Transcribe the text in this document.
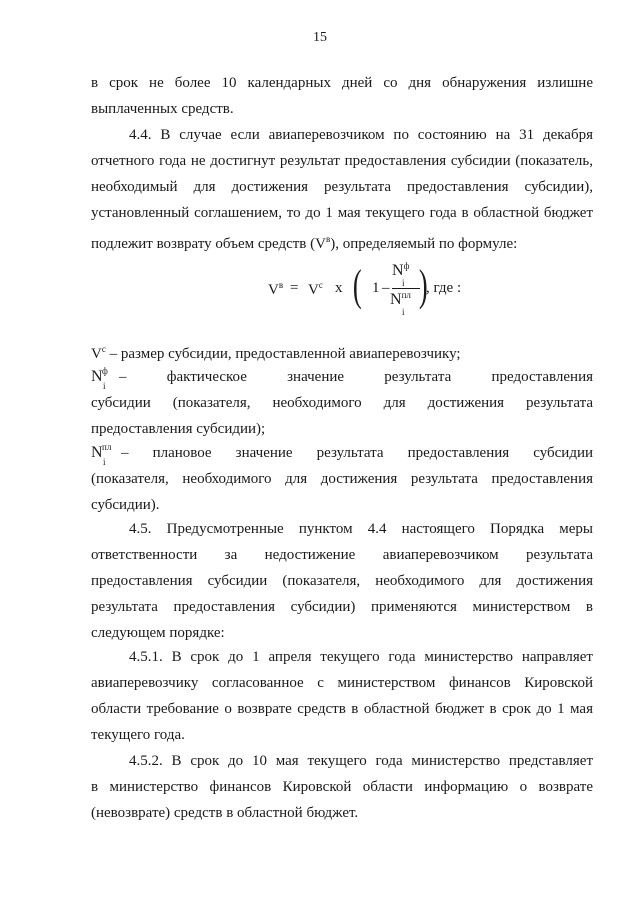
15
в срок не более 10 календарных дней со дня обнаружения излишне
выплаченных средств.
4.4. В случае если авиаперевозчиком по состоянию на 31 декабря
отчетного года не достигнут результат предоставления субсидии (показатель,
необходимый для достижения результата предоставления субсидии),
установленный соглашением, то до 1 мая текущего года в областной бюджет
подлежит возврату объем средств $(V^в)$, определяемый по формуле:
$V^в = V^с$ x ( 1 –
$N^ф$
i
$N^{пл}$
i
)
, где :
$V^с$ – размер субсидии, предоставленной авиаперевозчику;
N ф
i
– фактическое значение результата предоставления
субсидии (показателя, необходимого для достижения результата
предоставления субсидии);
N пл
i
– плановое значение результата предоставления субсидии
(показателя, необходимого для достижения результата предоставления
субсидии).
4.5. Предусмотренные пунктом 4.4 настоящего Порядка меры
ответственности за недостижение авиаперевозчиком результата
предоставления субсидии (показателя, необходимого для достижения
результата предоставления субсидии) применяются министерством в
следующем порядке:
4.5.1. В срок до 1 апреля текущего года министерство направляет
авиаперевозчику согласованное с министерством финансов Кировской
области требование о возврате средств в областной бюджет в срок до 1 мая
текущего года.
4.5.2. В срок до 10 мая текущего года министерство представляет
в министерство финансов Кировской области информацию о возврате
(невозврате) средств в областной бюджет.
